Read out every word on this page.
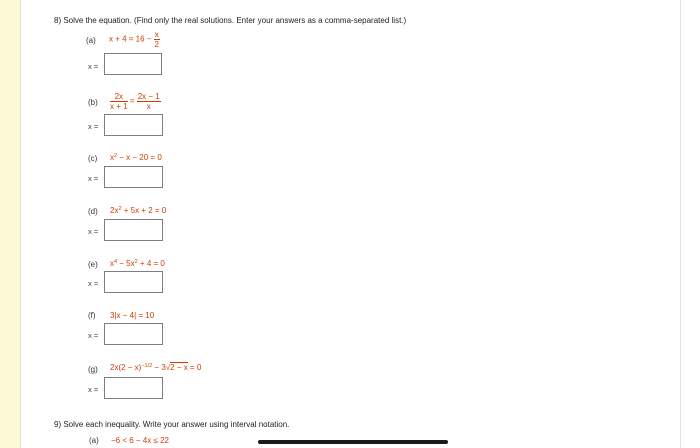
8) Solve the equation. (Find only the real solutions. Enter your answers as a comma-separated list.)
(a) $x + 4 = 16 - \frac{x}{2}$
x =
$(b) \frac{2x}{x + 1} = \frac{2x - 1}{x}$
x =
(c) $x^2 - x - 20 = 0$
x =
(d) $2x^2 + 5x + 2 = 0$
x =
(e) $x^4 - 5x^2 + 4 = 0$
x =
(f) 3|x − 4| = 10
x =
(g) $2x(2 - x)^{-1/2} - 3√2 - x = 0$
x =
9) Solve each inequality. Write your answer using interval notation.
(a) −6 < 6 − 4x ≤ 22
